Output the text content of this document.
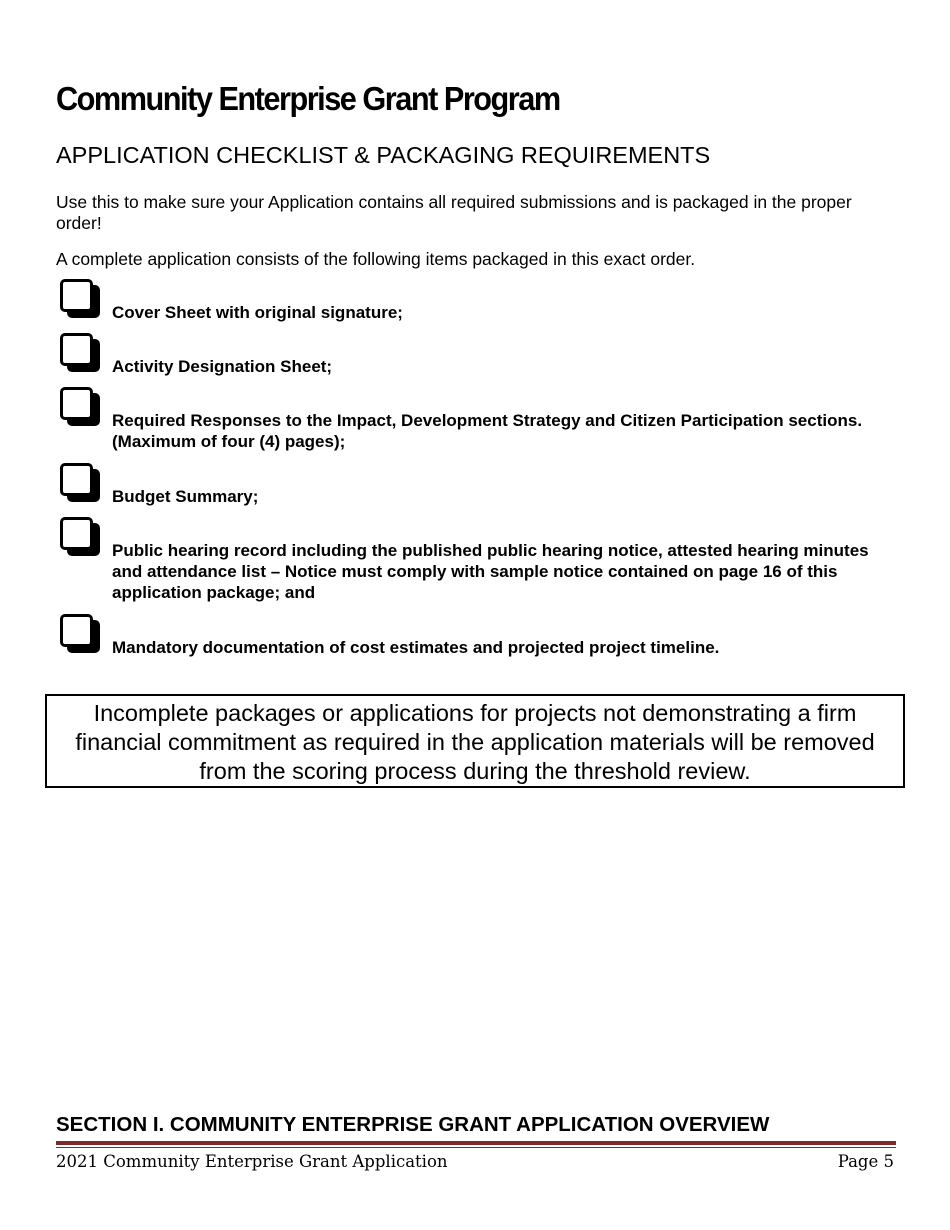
Community Enterprise Grant Program
APPLICATION CHECKLIST & PACKAGING REQUIREMENTS

Use this to make sure your Application contains all required submissions and is packaged in the proper order!

A complete application consists of the following items packaged in this exact order.

Cover Sheet with original signature;
Activity Designation Sheet;
Required Responses to the Impact, Development Strategy and Citizen Participation sections. (Maximum of four (4) pages);
Budget Summary;
Public hearing record including the published public hearing notice, attested hearing minutes and attendance list – Notice must comply with sample notice contained on page 16 of this application package; and
Mandatory documentation of cost estimates and projected project timeline.
Incomplete packages or applications for projects not demonstrating a firm financial commitment as required in the application materials will be removed from the scoring process during the threshold review.
SECTION I. COMMUNITY ENTERPRISE GRANT APPLICATION OVERVIEW
2021 Community Enterprise Grant Application	Page 5
